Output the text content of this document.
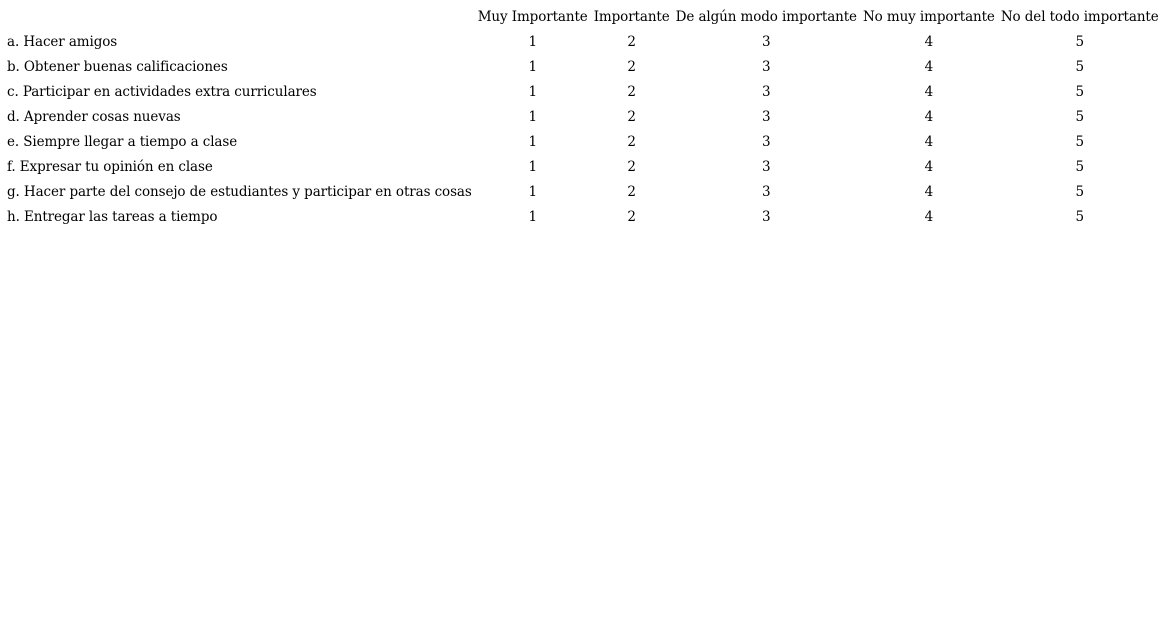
	Muy Importante	Importante	De algún modo importante	No muy importante	No del todo importante
a. Hacer amigos	1	2	3	4	5
b. Obtener buenas calificaciones	1	2	3	4	5
c. Participar en actividades extra curriculares	1	2	3	4	5
d. Aprender cosas nuevas	1	2	3	4	5
e. Siempre llegar a tiempo a clase	1	2	3	4	5
f. Expresar tu opinión en clase	1	2	3	4	5
g. Hacer parte del consejo de estudiantes y participar en otras cosas	1	2	3	4	5
h. Entregar las tareas a tiempo	1	2	3	4	5
